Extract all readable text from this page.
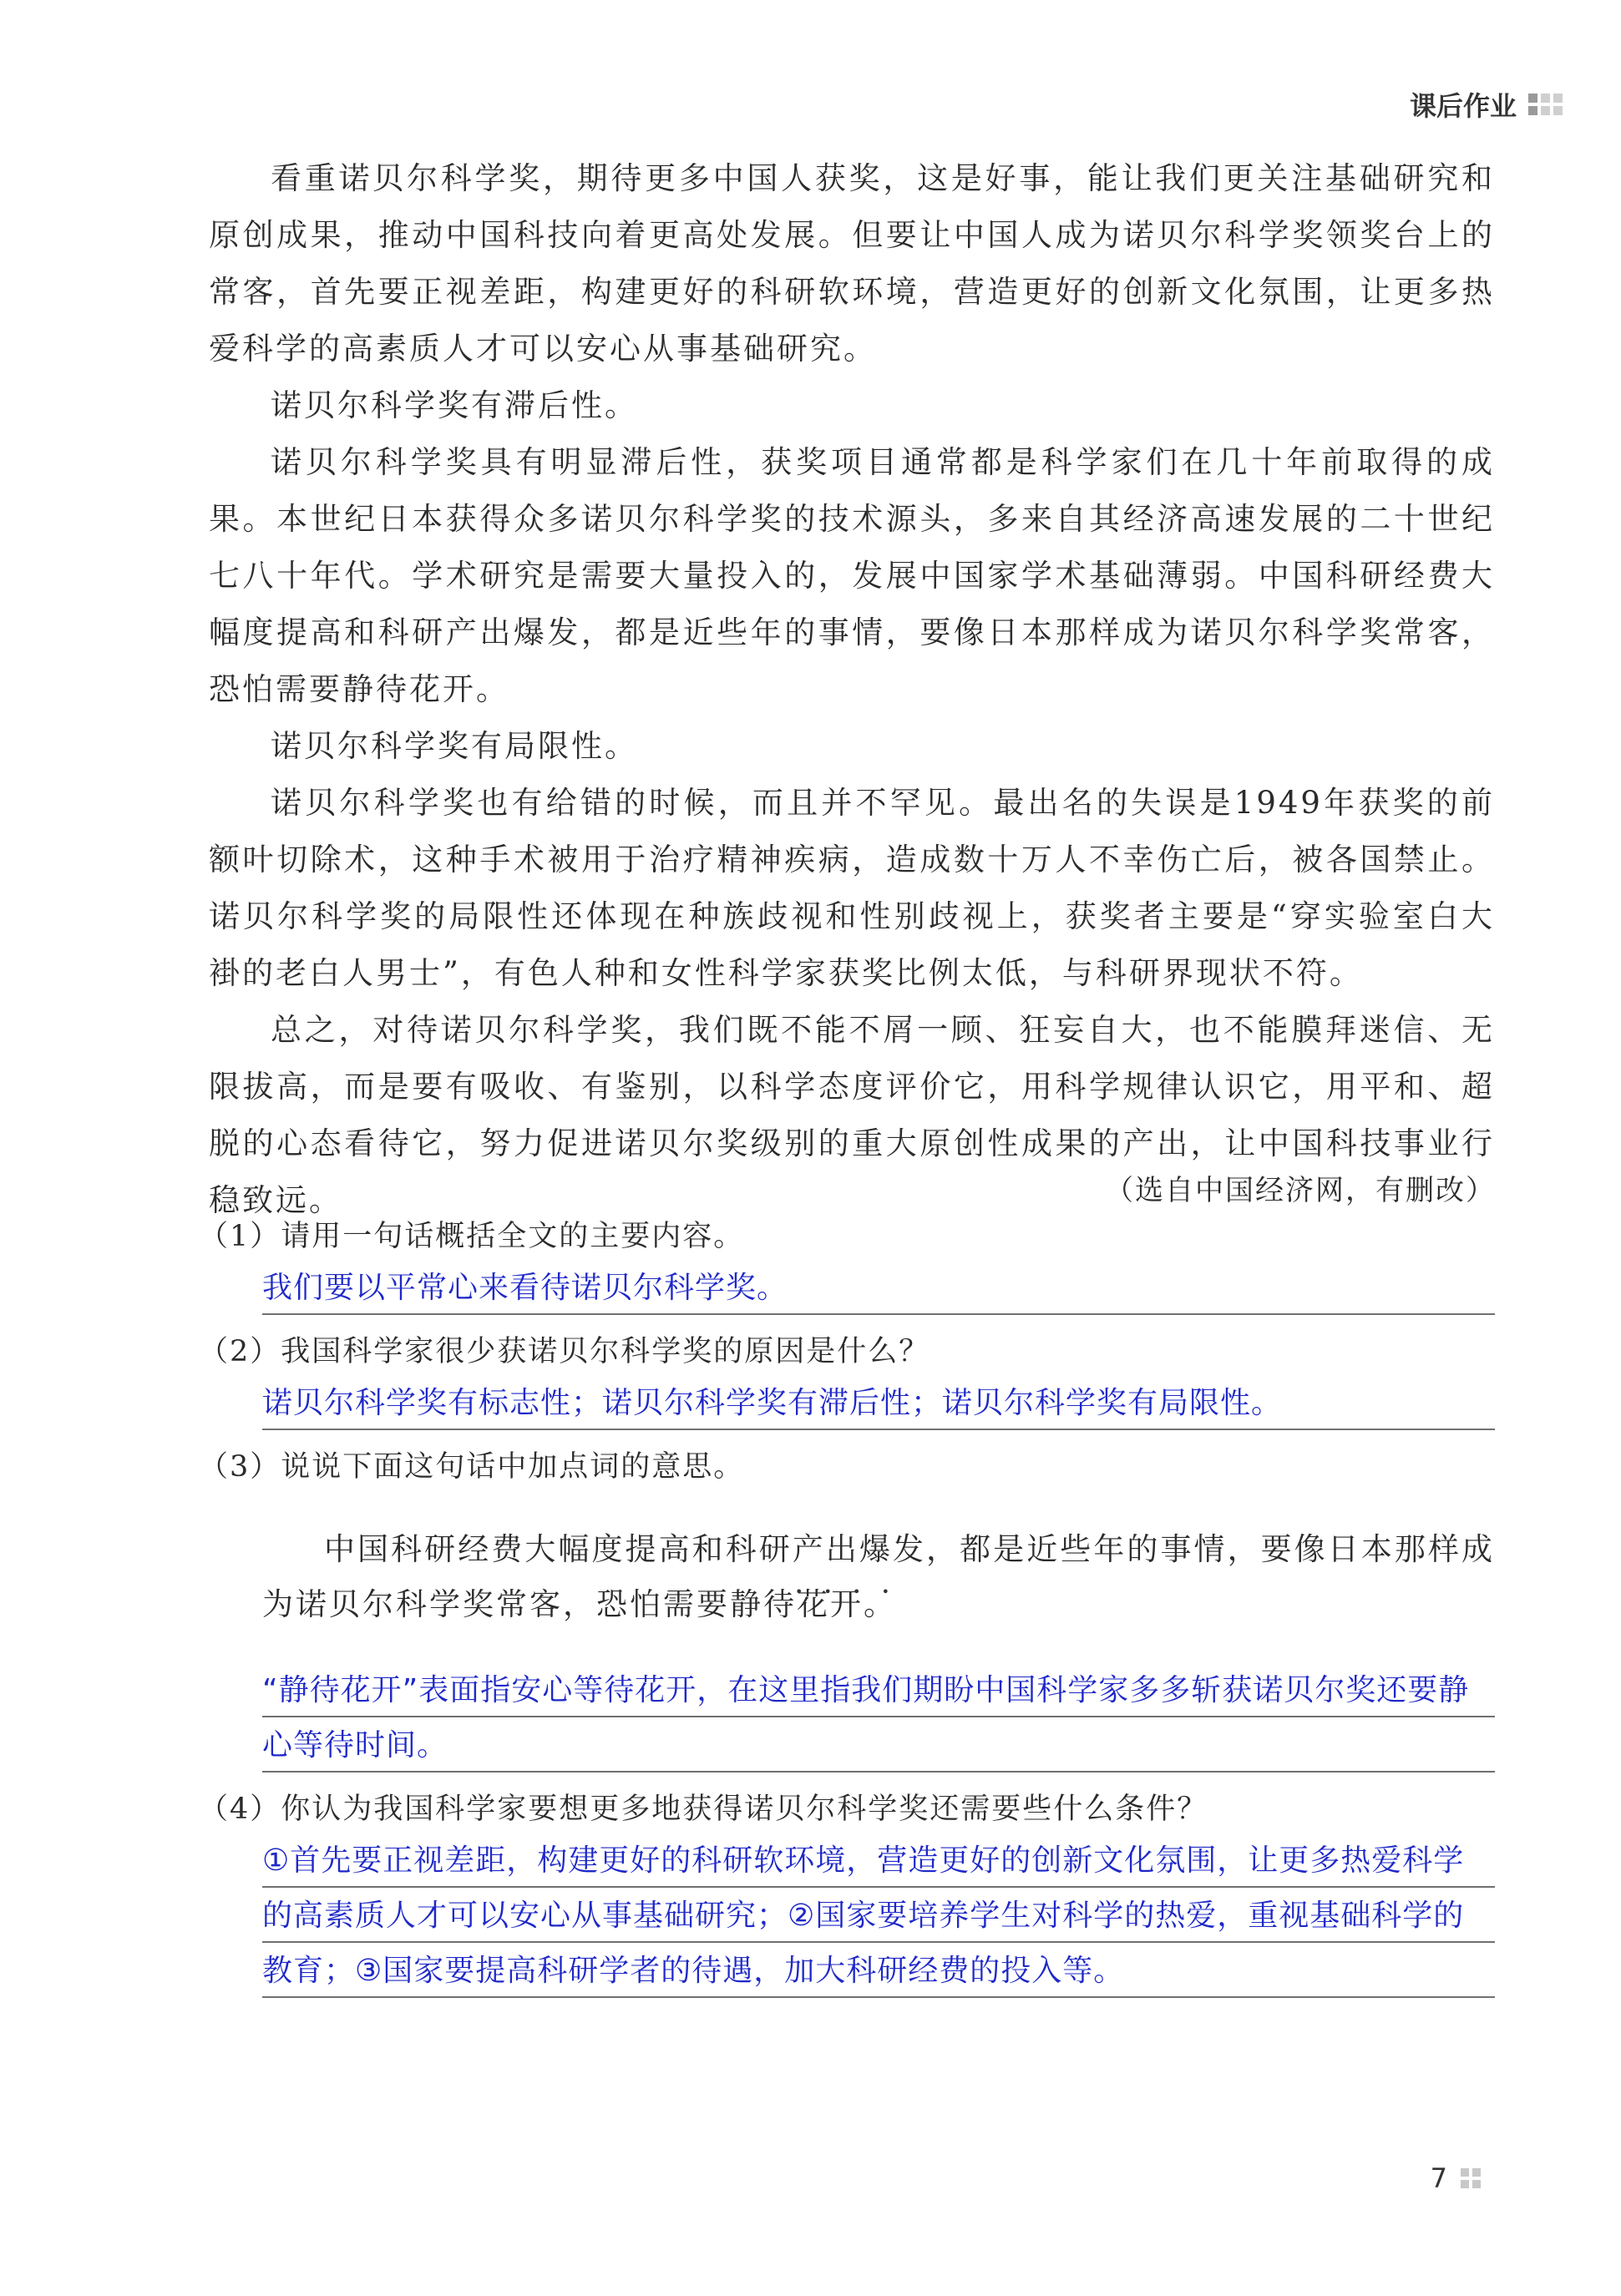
课后作业

看重诺贝尔科学奖，期待更多中国人获奖，这是好事，能让我们更关注基础研究和原创成果，推动中国科技向着更高处发展。但要让中国人成为诺贝尔科学奖领奖台上的常客，首先要正视差距，构建更好的科研软环境，营造更好的创新文化氛围，让更多热爱科学的高素质人才可以安心从事基础研究。

诺贝尔科学奖有滞后性。

诺贝尔科学奖具有明显滞后性，获奖项目通常都是科学家们在几十年前取得的成果。本世纪日本获得众多诺贝尔科学奖的技术源头，多来自其经济高速发展的二十世纪七八十年代。学术研究是需要大量投入的，发展中国家学术基础薄弱。中国科研经费大幅度提高和科研产出爆发，都是近些年的事情，要像日本那样成为诺贝尔科学奖常客，恐怕需要静待花开。

诺贝尔科学奖有局限性。

诺贝尔科学奖也有给错的时候，而且并不罕见。最出名的失误是1949年获奖的前额叶切除术，这种手术被用于治疗精神疾病，造成数十万人不幸伤亡后，被各国禁止。诺贝尔科学奖的局限性还体现在种族歧视和性别歧视上，获奖者主要是“穿实验室白大褂的老白人男士”，有色人种和女性科学家获奖比例太低，与科研界现状不符。

总之，对待诺贝尔科学奖，我们既不能不屑一顾、狂妄自大，也不能膜拜迷信、无限拔高，而是要有吸收、有鉴别，以科学态度评价它，用科学规律认识它，用平和、超脱的心态看待它，努力促进诺贝尔奖级别的重大原创性成果的产出，让中国科技事业行稳致远。	（选自中国经济网，有删改）
（1）请用一句话概括全文的主要内容。
我们要以平常心来看待诺贝尔科学奖。
（2）我国科学家很少获诺贝尔科学奖的原因是什么？
诺贝尔科学奖有标志性；诺贝尔科学奖有滞后性；诺贝尔科学奖有局限性。
（3）说说下面这句话中加点词的意思。

中国科研经费大幅度提高和科研产出爆发，都是近些年的事情，要像日本那样成为诺贝尔科学奖常客，恐怕需要静待花开 • • • •。

“静待花开”表面指安心等待花开，在这里指我们期盼中国科学家多多斩获诺贝尔奖还要静心等待时间。
（4）你认为我国科学家要想更多地获得诺贝尔科学奖还需要些什么条件？
①首先要正视差距，构建更好的科研软环境，营造更好的创新文化氛围，让更多热爱科学的高素质人才可以安心从事基础研究；②国家要培养学生对科学的热爱，重视基础科学的教育；③国家要提高科研学者的待遇，加大科研经费的投入等。
7
